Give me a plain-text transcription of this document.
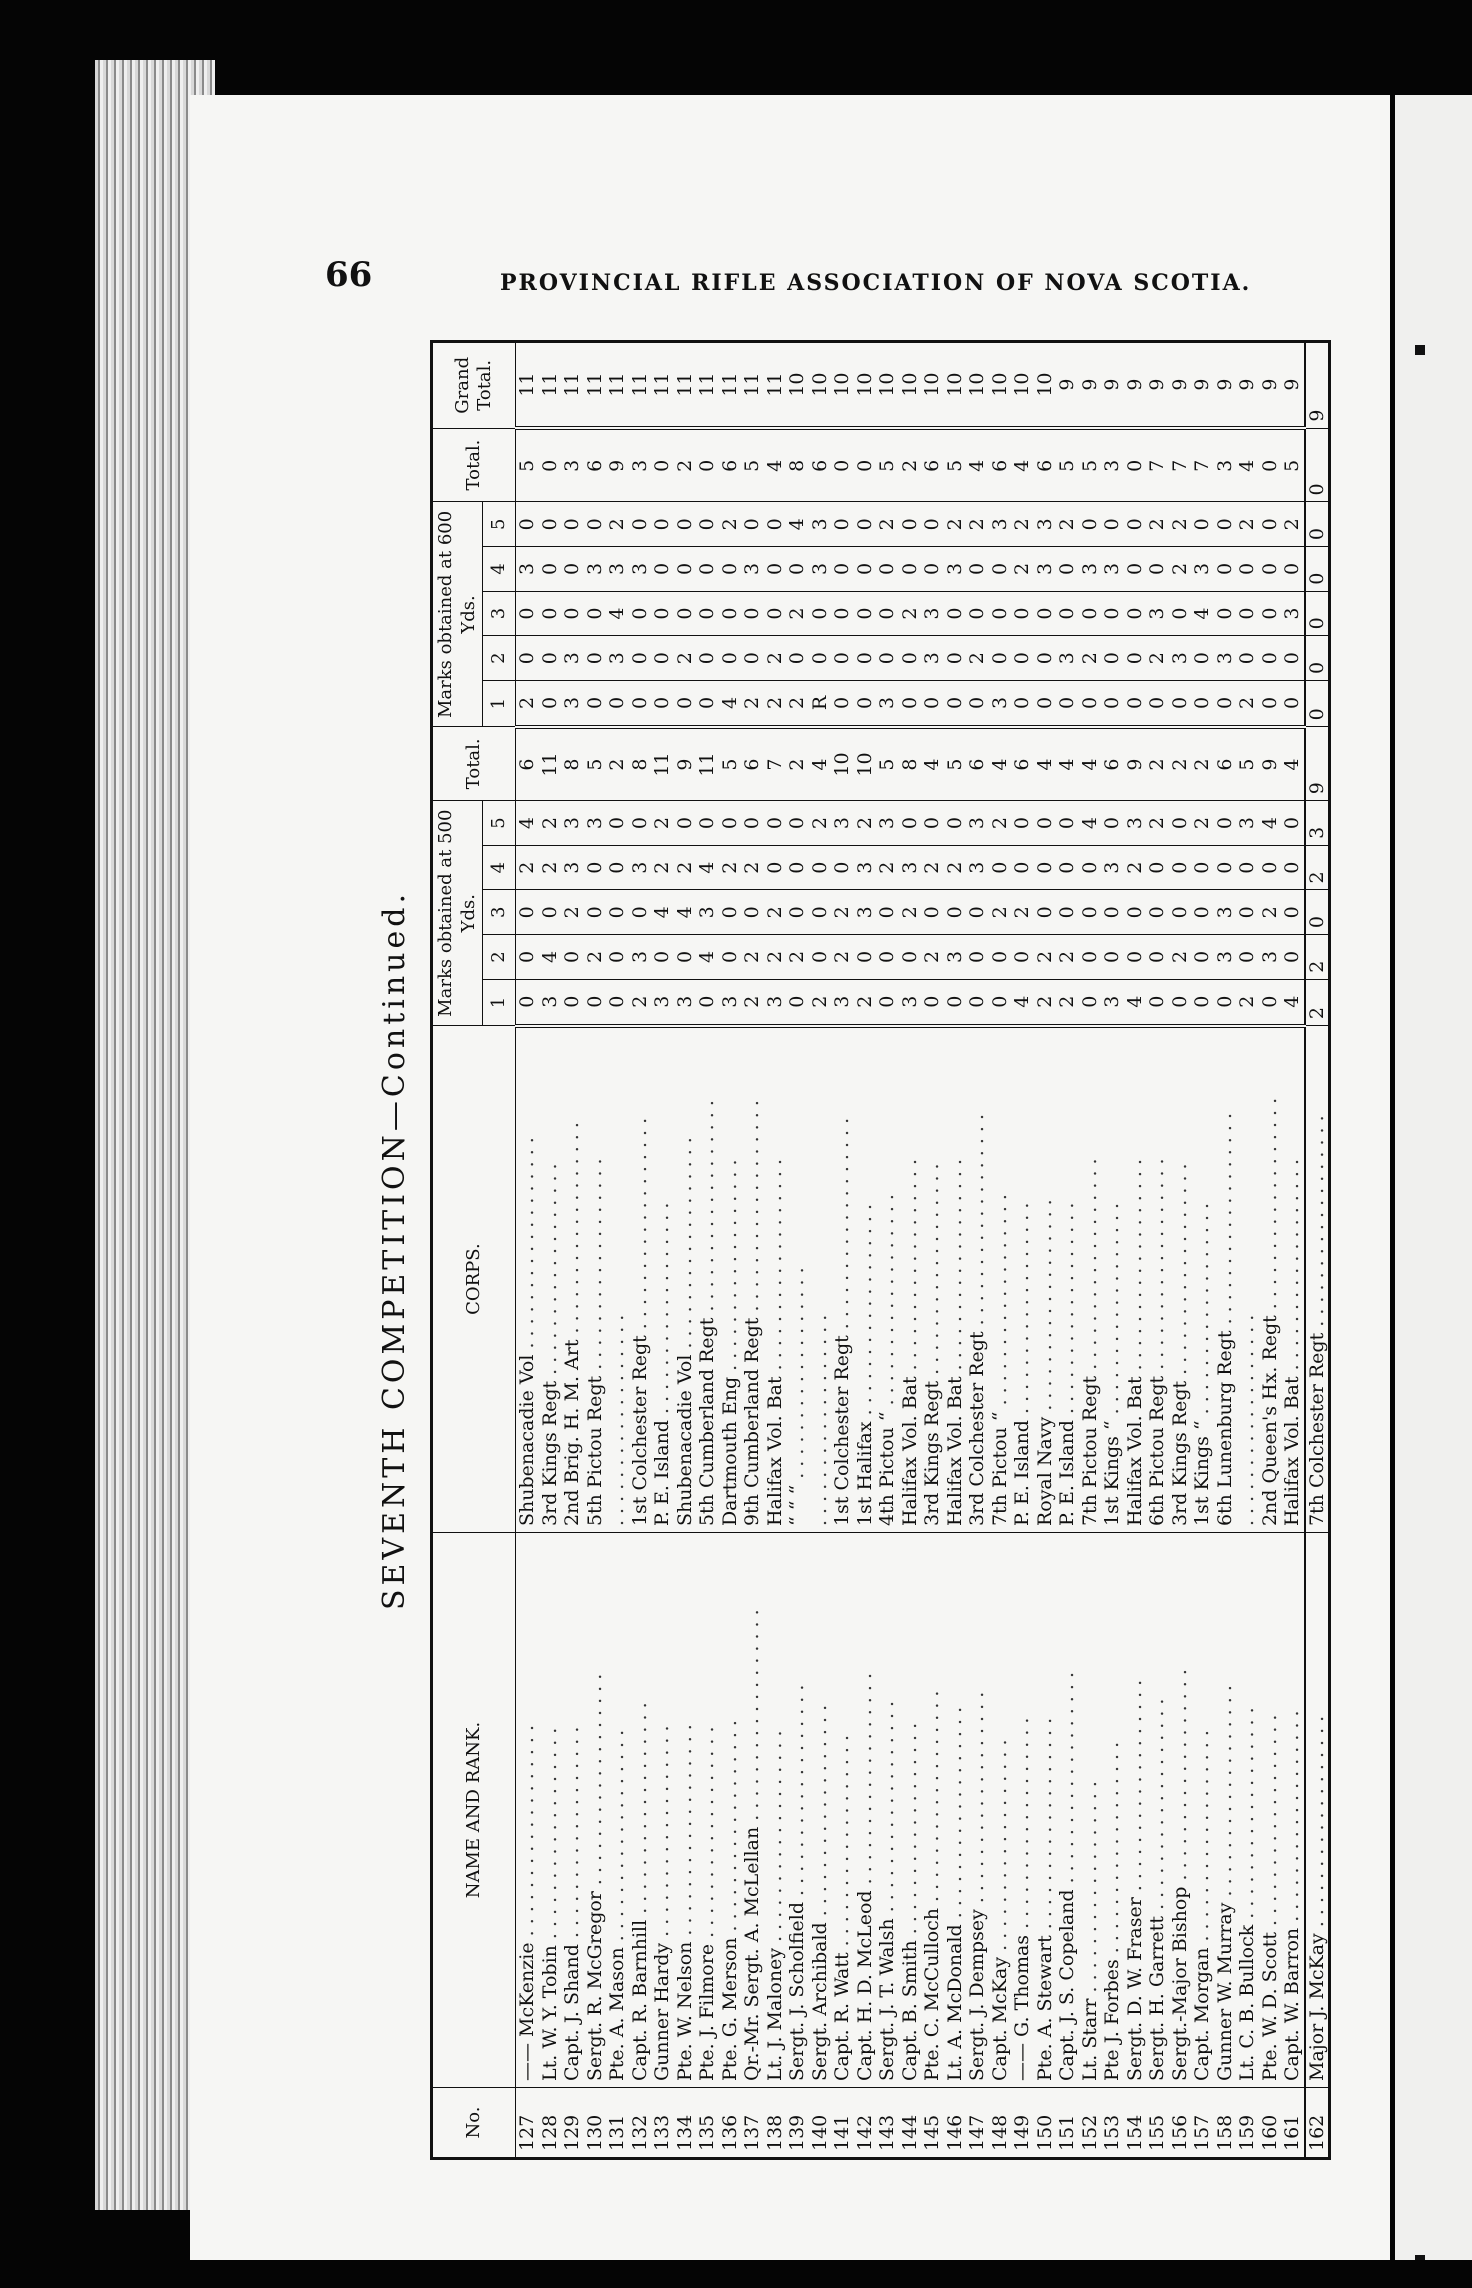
66	PROVINCIAL RIFLE ASSOCIATION OF NOVA SCOTIA.
SEVENTH COMPETITION—Continued.
No.	NAME AND RANK.	CORPS.	Marks obtained at 500 Yds.					Total.	Marks obtained at 600 Yds.					Total.	Grand Total.
			1	2	3	4	5		1	2	3	4	5		
127	—— McKenzie . . . . . . . . . . . . . . . . . .	Shubenacadie Vol . . . . . . . . . . . . . . . . . .	0	0	0	2	4	6	2	0	0	3	0	5	11
128	Lt. W. Y. Tobin . . . . . . . . . . . . . . . . . .	3rd Kings Regt . . . . . . . . . . . . . . . . . .	3	4	0	2	2	11	0	0	0	0	0	0	11
129	Capt. J. Shand . . . . . . . . . . . . . . . . . .	2nd Brig. H. M. Art . . . . . . . . . . . . . . . . . .	0	0	2	3	3	8	3	3	0	0	0	3	11
130	Sergt. R. McGregor . . . . . . . . . . . . . . . . . .	5th Pictou Regt . . . . . . . . . . . . . . . . . .	0	2	0	0	3	5	0	0	0	3	0	6	11
131	Pte. A. Mason . . . . . . . . . . . . . . . . . .	. . . . . . . . . . . . . . . . . .	0	0	0	0	0	2	0	3	4	3	2	9	11
132	Capt. R. Barnhill . . . . . . . . . . . . . . . . . .	1st Colchester Regt . . . . . . . . . . . . . . . . . .	2	3	0	3	0	8	0	0	0	3	0	3	11
133	Gunner Hardy . . . . . . . . . . . . . . . . . .	P. E. Island . . . . . . . . . . . . . . . . . .	3	0	4	2	2	11	0	0	0	0	0	0	11
134	Pte. W. Nelson . . . . . . . . . . . . . . . . . .	Shubenacadie Vol . . . . . . . . . . . . . . . . . .	3	0	4	2	0	9	0	2	0	0	0	2	11
135	Pte. J. Filmore . . . . . . . . . . . . . . . . . .	5th Cumberland Regt . . . . . . . . . . . . . . . . . .	0	4	3	4	0	11	0	0	0	0	0	0	11
136	Pte. G. Merson . . . . . . . . . . . . . . . . . .	Dartmouth Eng . . . . . . . . . . . . . . . . . .	3	0	0	2	0	5	4	0	0	0	2	6	11
137	Qr.-Mr. Sergt. A. McLellan . . . . . . . . . . . . . . . . . .	9th Cumberland Regt . . . . . . . . . . . . . . . . . .	2	2	0	2	0	6	2	0	0	3	0	5	11
138	Lt. J. Maloney . . . . . . . . . . . . . . . . . .	Halifax Vol. Bat . . . . . . . . . . . . . . . . . .	3	2	2	0	0	7	2	2	0	0	0	4	11
139	Sergt. J. Scholfield . . . . . . . . . . . . . . . . . .	“ “ “ . . . . . . . . . . . . . . . . . .	0	2	0	0	0	2	2	0	2	0	4	8	10
140	Sergt. Archibald . . . . . . . . . . . . . . . . . .	. . . . . . . . . . . . . . . . . .	2	0	0	0	2	4	R	0	0	3	3	6	10
141	Capt. R. Watt . . . . . . . . . . . . . . . . . .	1st Colchester Regt . . . . . . . . . . . . . . . . . .	3	2	2	0	3	10	0	0	0	0	0	0	10
142	Capt. H. D. McLeod . . . . . . . . . . . . . . . . . .	1st Halifax . . . . . . . . . . . . . . . . . .	2	0	3	3	2	10	0	0	0	0	0	0	10
143	Sergt. J. T. Walsh . . . . . . . . . . . . . . . . . .	4th Pictou “ . . . . . . . . . . . . . . . . . .	0	0	0	2	3	5	3	0	0	0	2	5	10
144	Capt. B. Smith . . . . . . . . . . . . . . . . . .	Halifax Vol. Bat . . . . . . . . . . . . . . . . . .	3	0	2	3	0	8	0	0	2	0	0	2	10
145	Pte. C. McCulloch . . . . . . . . . . . . . . . . . .	3rd Kings Regt . . . . . . . . . . . . . . . . . .	0	2	0	2	0	4	0	3	3	0	0	6	10
146	Lt. A. McDonald . . . . . . . . . . . . . . . . . .	Halifax Vol. Bat . . . . . . . . . . . . . . . . . .	0	3	0	2	0	5	0	0	0	3	2	5	10
147	Sergt. J. Dempsey . . . . . . . . . . . . . . . . . .	3rd Colchester Regt . . . . . . . . . . . . . . . . . .	0	0	0	3	3	6	0	2	0	0	2	4	10
148	Capt. McKay . . . . . . . . . . . . . . . . . .	7th Pictou “ . . . . . . . . . . . . . . . . . .	0	0	2	0	2	4	3	0	0	0	3	6	10
149	—— G. Thomas . . . . . . . . . . . . . . . . . .	P. E. Island . . . . . . . . . . . . . . . . . .	4	0	2	0	0	6	0	0	0	2	2	4	10
150	Pte. A. Stewart . . . . . . . . . . . . . . . . . .	Royal Navy . . . . . . . . . . . . . . . . . .	2	2	0	0	0	4	0	0	0	3	3	6	10
151	Capt. J. S. Copeland . . . . . . . . . . . . . . . . . .	P. E. Island . . . . . . . . . . . . . . . . . .	2	2	0	0	0	4	0	3	0	0	2	5	9
152	Lt. Starr . . . . . . . . . . . . . . . . . .	7th Pictou Regt . . . . . . . . . . . . . . . . . .	0	0	0	0	4	4	0	2	0	3	0	5	9
153	Pte J. Forbes . . . . . . . . . . . . . . . . . .	1st Kings “ . . . . . . . . . . . . . . . . . .	3	0	0	3	0	6	0	0	0	3	0	3	9
154	Sergt. D. W. Fraser . . . . . . . . . . . . . . . . . .	Halifax Vol. Bat . . . . . . . . . . . . . . . . . .	4	0	0	2	3	9	0	0	0	0	0	0	9
155	Sergt. H. Garrett . . . . . . . . . . . . . . . . . .	6th Pictou Regt . . . . . . . . . . . . . . . . . .	0	0	0	0	2	2	0	2	3	0	2	7	9
156	Sergt.-Major Bishop . . . . . . . . . . . . . . . . . .	3rd Kings Regt . . . . . . . . . . . . . . . . . .	0	2	0	0	0	2	0	3	0	2	2	7	9
157	Capt. Morgan . . . . . . . . . . . . . . . . . .	1st Kings “ . . . . . . . . . . . . . . . . . .	0	0	0	0	2	2	0	0	4	3	0	7	9
158	Gunner W. Murray . . . . . . . . . . . . . . . . . .	6th Lunenburg Regt . . . . . . . . . . . . . . . . . .	0	3	3	0	0	6	0	3	0	0	0	3	9
159	Lt. C. B. Bullock . . . . . . . . . . . . . . . . . .	. . . . . . . . . . . . . . . . . .	2	0	0	0	3	5	2	0	0	0	2	4	9
160	Pte. W. D. Scott . . . . . . . . . . . . . . . . . .	2nd Queen's Hx. Regt . . . . . . . . . . . . . . . . . .	0	3	2	0	4	9	0	0	0	0	0	0	9
161	Capt. W. Barron . . . . . . . . . . . . . . . . . .	Halifax Vol. Bat . . . . . . . . . . . . . . . . . .	4	0	0	0	0	4	0	0	3	0	2	5	9
162	Major J. McKay . . . . . . . . . . . . . . . . . .	7th Colchester Regt . . . . . . . . . . . . . . . . . .	2	2	0	2	3	9	0	0	0	0	0	0	9
